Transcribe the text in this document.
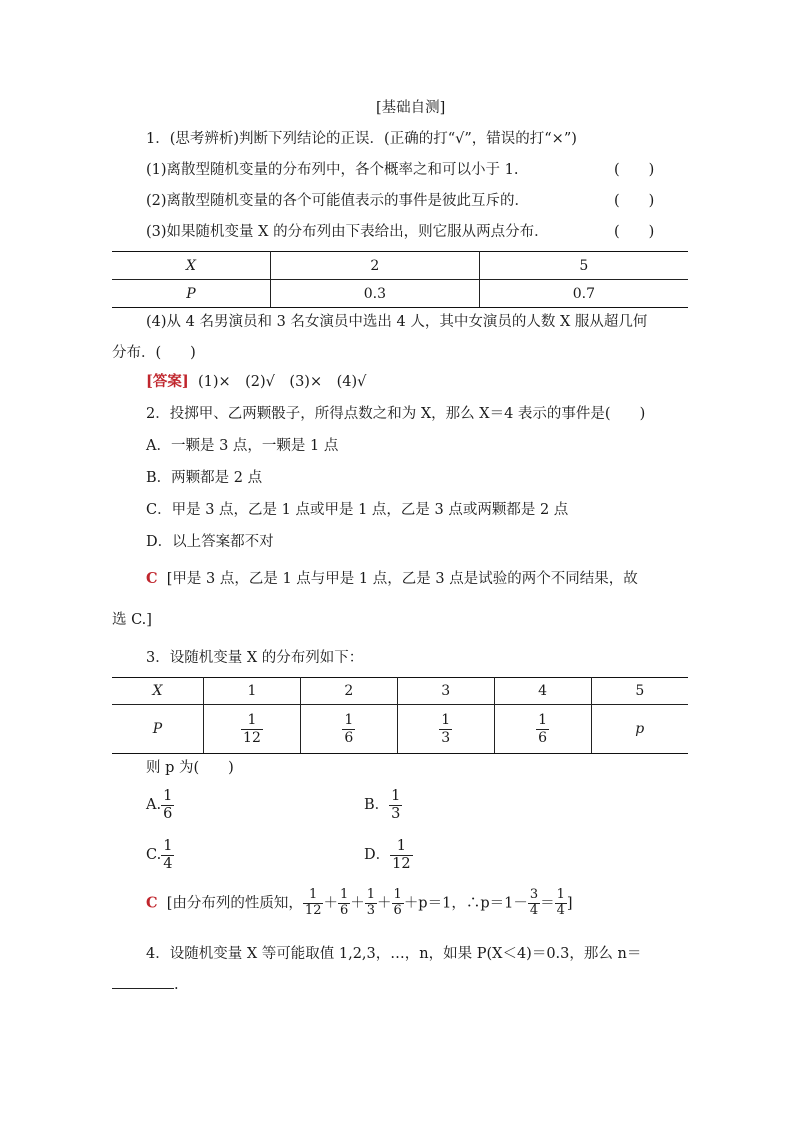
[基础自测]
1．(思考辨析)判断下列结论的正误．(正确的打“√”，错误的打“×”)
(1)离散型随机变量的分布列中，各个概率之和可以小于 1.	(　　)
(2)离散型随机变量的各个可能值表示的事件是彼此互斥的．	(　　)
(3)如果随机变量 X 的分布列由下表给出，则它服从两点分布．	(　　)
X	2	5
P	0.3	0.7
(4)从 4 名男演员和 3 名女演员中选出 4 人，其中女演员的人数 X 服从超几何
分布．(　　)
[答案] (1)×　(2)√　(3)×　(4)√
2．投掷甲、乙两颗骰子，所得点数之和为 X，那么 X＝4 表示的事件是(　　)
A．一颗是 3 点，一颗是 1 点
B．两颗都是 2 点
C．甲是 3 点，乙是 1 点或甲是 1 点，乙是 3 点或两颗都是 2 点
D．以上答案都不对
C [甲是 3 点，乙是 1 点与甲是 1 点，乙是 3 点是试验的两个不同结果，故
选 C.]
3．设随机变量 X 的分布列如下：
X	1	2	3	4	5
P	$\frac{1}{12}$	$\frac{1}{6}$	$\frac{1}{3}$	$\frac{1}{6}$	p
则 p 为(　　)
A. $\frac{1}{6}$	B． $\frac{1}{3}$
C. $\frac{1}{4}$	D． $\frac{1}{12}$
C [由分布列的性质知， $\frac{1}{12} + \frac{1}{6} + \frac{1}{3} + \frac{1}{6} +p=1$，∴p＝1－ $\frac{3}{4} = \frac{1}{4}$ ]
4．设随机变量 X 等可能取值 1,2,3，…，n，如果 P(X＜4)＝0.3，那么 n＝
.
